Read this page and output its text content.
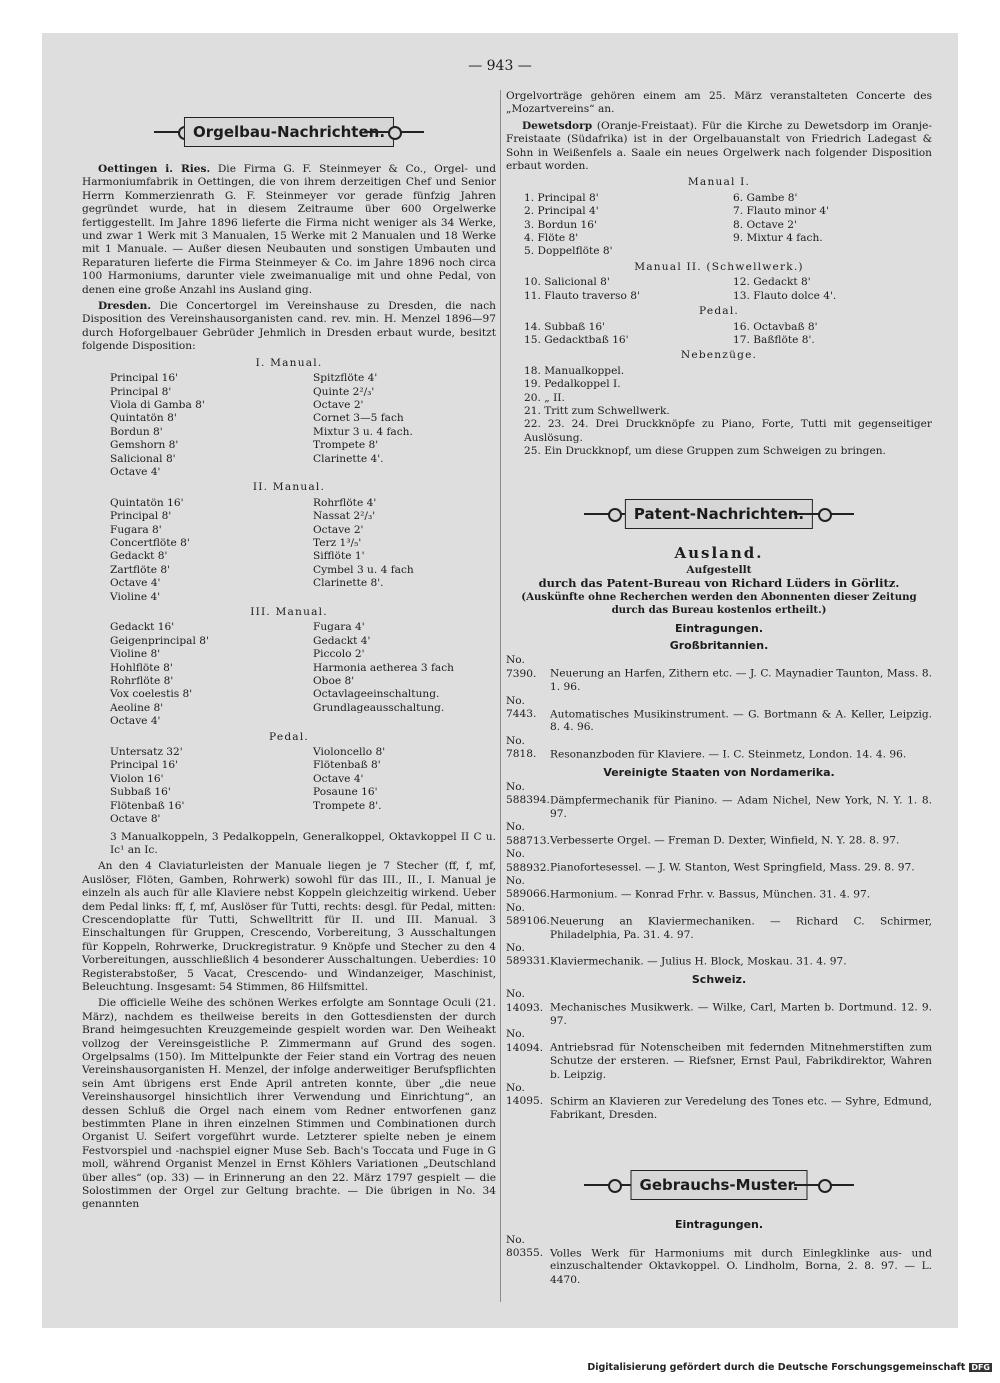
— 943 —
Orgelbau-Nachrichten.

Oettingen i. Ries. Die Firma G. F. Steinmeyer & Co., Orgel- und Harmoniumfabrik in Oettingen, die von ihrem derzeitigen Chef und Senior Herrn Kommerzienrath G. F. Steinmeyer vor gerade fünfzig Jahren gegründet wurde, hat in diesem Zeitraume über 600 Orgelwerke fertiggestellt. Im Jahre 1896 lieferte die Firma nicht weniger als 34 Werke, und zwar 1 Werk mit 3 Manualen, 15 Werke mit 2 Manualen und 18 Werke mit 1 Manuale. — Außer diesen Neubauten und sonstigen Umbauten und Reparaturen lieferte die Firma Steinmeyer & Co. im Jahre 1896 noch circa 100 Harmoniums, darunter viele zweimanualige mit und ohne Pedal, von denen eine große Anzahl ins Ausland ging.

Dresden. Die Concertorgel im Vereinshause zu Dresden, die nach Disposition des Vereinshausorganisten cand. rev. min. H. Menzel 1896—97 durch Hoforgelbauer Gebrüder Jehmlich in Dresden erbaut wurde, besitzt folgende Disposition:

I. Manual.
Principal 16'	Spitzflöte 4'
Principal 8'	Quinte 2²/₃'
Viola di Gamba 8'	Octave 2'
Quintatön 8'	Cornet 3—5 fach
Bordun 8'	Mixtur 3 u. 4 fach.
Gemshorn 8'	Trompete 8'
Salicional 8'	Clarinette 4'.
Octave 4'
II. Manual.
Quintatön 16'	Rohrflöte 4'
Principal 8'	Nassat 2²/₃'
Fugara 8'	Octave 2'
Concertflöte 8'	Terz 1³/₅'
Gedackt 8'	Sifflöte 1'
Zartflöte 8'	Cymbel 3 u. 4 fach
Octave 4'	Clarinette 8'.
Violine 4'
III. Manual.
Gedackt 16'	Fugara 4'
Geigenprincipal 8'	Gedackt 4'
Violine 8'	Piccolo 2'
Hohlflöte 8'	Harmonia aetherea 3 fach
Rohrflöte 8'	Oboe 8'
Vox coelestis 8'	Octavlageeinschaltung.
Aeoline 8'	Grundlageausschaltung.
Octave 4'
Pedal.
Untersatz 32'	Violoncello 8'
Principal 16'	Flötenbaß 8'
Violon 16'	Octave 4'
Subbaß 16'	Posaune 16'
Flötenbaß 16'	Trompete 8'.
Octave 8'

3 Manualkoppeln, 3 Pedalkoppeln, Generalkoppel, Oktavkoppel II C u. Ic¹ an Ic.

An den 4 Claviaturleisten der Manuale liegen je 7 Stecher (ff, f, mf, Auslöser, Flöten, Gamben, Rohrwerk) sowohl für das III., II., I. Manual je einzeln als auch für alle Klaviere nebst Koppeln gleichzeitig wirkend. Ueber dem Pedal links: ff, f, mf, Auslöser für Tutti, rechts: desgl. für Pedal, mitten: Crescendoplatte für Tutti, Schwelltritt für II. und III. Manual. 3 Einschaltungen für Gruppen, Crescendo, Vorbereitung, 3 Ausschaltungen für Koppeln, Rohrwerke, Druckregistratur. 9 Knöpfe und Stecher zu den 4 Vorbereitungen, ausschließlich 4 besonderer Ausschaltungen. Ueberdies: 10 Registerabstoßer, 5 Vacat, Crescendo- und Windanzeiger, Maschinist, Beleuchtung. Insgesamt: 54 Stimmen, 86 Hilfsmittel.

Die officielle Weihe des schönen Werkes erfolgte am Sonntage Oculi (21. März), nachdem es theilweise bereits in den Gottesdiensten der durch Brand heimgesuchten Kreuzgemeinde gespielt worden war. Den Weiheakt vollzog der Vereinsgeistliche P. Zimmermann auf Grund des sogen. Orgelpsalms (150). Im Mittelpunkte der Feier stand ein Vortrag des neuen Vereinshausorganisten H. Menzel, der infolge anderweitiger Berufspflichten sein Amt übrigens erst Ende April antreten konnte, über „die neue Vereinshausorgel hinsichtlich ihrer Verwendung und Einrichtung“, an dessen Schluß die Orgel nach einem vom Redner entworfenen ganz bestimmten Plane in ihren einzelnen Stimmen und Combinationen durch Organist U. Seifert vorgeführt wurde. Letzterer spielte neben je einem Festvorspiel und -nachspiel eigner Muse Seb. Bach's Toccata und Fuge in G moll, während Organist Menzel in Ernst Köhlers Variationen „Deutschland über alles“ (op. 33) — in Erinnerung an den 22. März 1797 gespielt — die Solostimmen der Orgel zur Geltung brachte. — Die übrigen in No. 34 genannten

Orgelvorträge gehören einem am 25. März veranstalteten Concerte des „Mozartvereins“ an.

Dewetsdorp (Oranje-Freistaat). Für die Kirche zu Dewetsdorp im Oranje-Freistaate (Südafrika) ist in der Orgelbauanstalt von Friedrich Ladegast & Sohn in Weißenfels a. Saale ein neues Orgelwerk nach folgender Disposition erbaut worden.

Manual I.
1. Principal 8'	6. Gambe 8'
2. Principal 4'	7. Flauto minor 4'
3. Bordun 16'	8. Octave 2'
4. Flöte 8'	9. Mixtur 4 fach.
5. Doppelflöte 8'
Manual II. (Schwellwerk.)
10. Salicional 8'	12. Gedackt 8'
11. Flauto traverso 8'	13. Flauto dolce 4'.
Pedal.
14. Subbaß 16'	16. Octavbaß 8'
15. Gedacktbaß 16'	17. Baßflöte 8'.
Nebenzüge.
18. Manualkoppel.
19. Pedalkoppel I.
20. „ II.
21. Tritt zum Schwellwerk.
22. 23. 24. Drei Druckknöpfe zu Piano, Forte, Tutti mit gegenseitiger Auslösung.
25. Ein Druckknopf, um diese Gruppen zum Schweigen zu bringen.
Patent-Nachrichten.
Ausland.
Aufgestellt
durch das Patent-Bureau von Richard Lüders in Görlitz.
(Auskünfte ohne Recherchen werden den Abonnenten dieser Zeitung durch das Bureau kostenlos ertheilt.)
Eintragungen.
Großbritannien.
No. 7390. Neuerung an Harfen, Zithern etc. — J. C. Maynadier Taunton, Mass. 8. 1. 96.
No. 7443. Automatisches Musikinstrument. — G. Bortmann & A. Keller, Leipzig. 8. 4. 96.
No. 7818. Resonanzboden für Klaviere. — I. C. Steinmetz, London. 14. 4. 96.
Vereinigte Staaten von Nordamerika.
No. 588394.Dämpfermechanik für Pianino. — Adam Nichel, New York, N. Y. 1. 8. 97.
No. 588713.Verbesserte Orgel. — Freman D. Dexter, Winfield, N. Y. 28. 8. 97.
No. 588932.Pianofortesessel. — J. W. Stanton, West Springfield, Mass. 29. 8. 97.
No. 589066.Harmonium. — Konrad Frhr. v. Bassus, München. 31. 4. 97.
No. 589106.Neuerung an Klaviermechaniken. — Richard C. Schirmer, Philadelphia, Pa. 31. 4. 97.
No. 589331.Klaviermechanik. — Julius H. Block, Moskau. 31. 4. 97.
Schweiz.
No. 14093. Mechanisches Musikwerk. — Wilke, Carl, Marten b. Dortmund. 12. 9. 97.
No. 14094. Antriebsrad für Notenscheiben mit federnden Mitnehmerstiften zum Schutze der ersteren. — Riefsner, Ernst Paul, Fabrikdirektor, Wahren b. Leipzig.
No. 14095. Schirm an Klavieren zur Veredelung des Tones etc. — Syhre, Edmund, Fabrikant, Dresden.
Gebrauchs-Muster.
Eintragungen.
No. 80355. Volles Werk für Harmoniums mit durch Einlegklinke aus- und einzuschaltender Oktavkoppel. O. Lindholm, Borna, 2. 8. 97. — L. 4470.
Digitalisierung gefördert durch die Deutsche Forschungsgemeinschaft DFG
